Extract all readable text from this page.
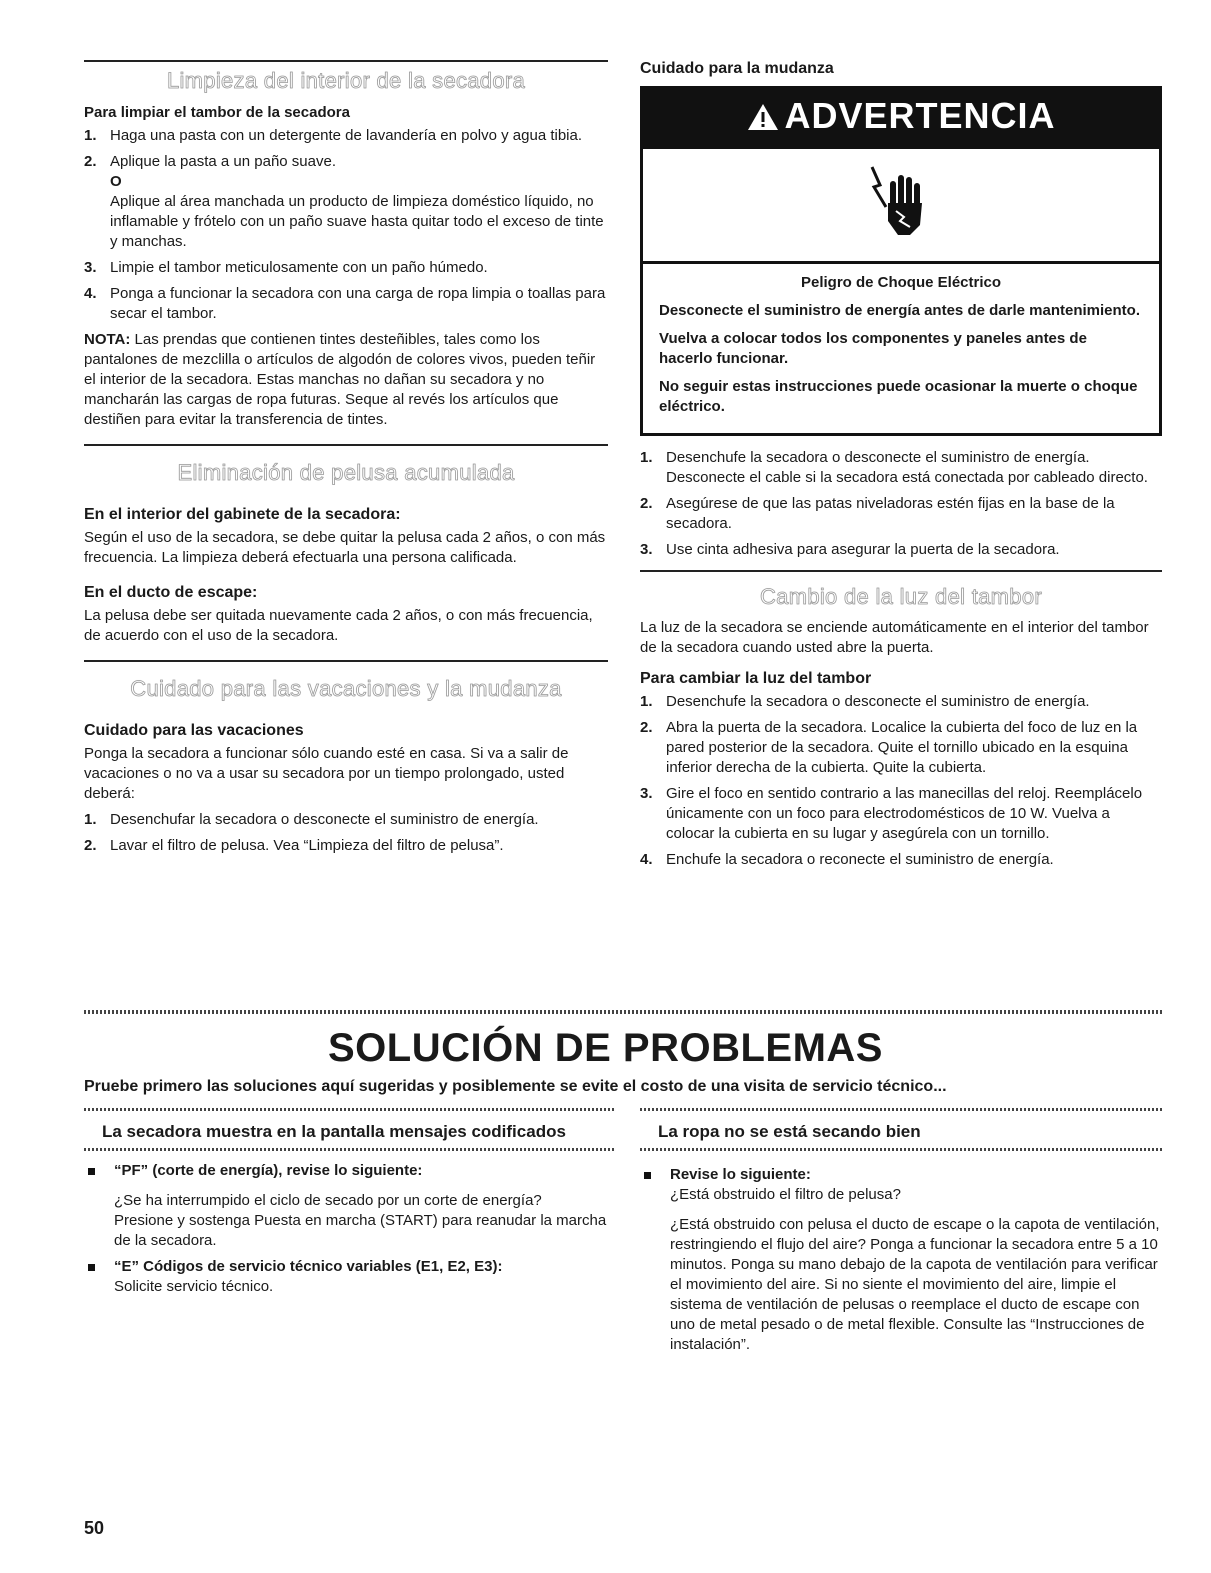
Limpieza del interior de la secadora
Para limpiar el tambor de la secadora
1. Haga una pasta con un detergente de lavandería en polvo y agua tibia.
2. Aplique la pasta a un paño suave.
O
Aplique al área manchada un producto de limpieza doméstico líquido, no inflamable y frótelo con un paño suave hasta quitar todo el exceso de tinte y manchas.
3. Limpie el tambor meticulosamente con un paño húmedo.
4. Ponga a funcionar la secadora con una carga de ropa limpia o toallas para secar el tambor.

NOTA: Las prendas que contienen tintes desteñibles, tales como los pantalones de mezclilla o artículos de algodón de colores vivos, pueden teñir el interior de la secadora. Estas manchas no dañan su secadora y no mancharán las cargas de ropa futuras. Seque al revés los artículos que destiñen para evitar la transferencia de tintes.

Eliminación de pelusa acumulada
En el interior del gabinete de la secadora:

Según el uso de la secadora, se debe quitar la pelusa cada 2 años, o con más frecuencia. La limpieza deberá efectuarla una persona calificada.

En el ducto de escape:

La pelusa debe ser quitada nuevamente cada 2 años, o con más frecuencia, de acuerdo con el uso de la secadora.

Cuidado para las vacaciones y la mudanza
Cuidado para las vacaciones

Ponga la secadora a funcionar sólo cuando esté en casa. Si va a salir de vacaciones o no va a usar su secadora por un tiempo prolongado, usted deberá:

1. Desenchufar la secadora o desconecte el suministro de energía.
2. Lavar el filtro de pelusa. Vea “Limpieza del filtro de pelusa”.
Cuidado para la mudanza
ADVERTENCIA
Peligro de Choque Eléctrico
Desconecte el suministro de energía antes de darle mantenimiento.
Vuelva a colocar todos los componentes y paneles antes de hacerlo funcionar.
No seguir estas instrucciones puede ocasionar la muerte o choque eléctrico.
1. Desenchufe la secadora o desconecte el suministro de energía. Desconecte el cable si la secadora está conectada por cableado directo.
2. Asegúrese de que las patas niveladoras estén fijas en la base de la secadora.
3. Use cinta adhesiva para asegurar la puerta de la secadora.
Cambio de la luz del tambor

La luz de la secadora se enciende automáticamente en el interior del tambor de la secadora cuando usted abre la puerta.

Para cambiar la luz del tambor
1. Desenchufe la secadora o desconecte el suministro de energía.
2. Abra la puerta de la secadora. Localice la cubierta del foco de luz en la pared posterior de la secadora. Quite el tornillo ubicado en la esquina inferior derecha de la cubierta. Quite la cubierta.
3. Gire el foco en sentido contrario a las manecillas del reloj. Reemplácelo únicamente con un foco para electrodomésticos de 10 W. Vuelva a colocar la cubierta en su lugar y asegúrela con un tornillo.
4. Enchufe la secadora o reconecte el suministro de energía.
SOLUCIÓN DE PROBLEMAS
Pruebe primero las soluciones aquí sugeridas y posiblemente se evite el costo de una visita de servicio técnico...
La secadora muestra en la pantalla mensajes codificados
“PF” (corte de energía), revise lo siguiente:
¿Se ha interrumpido el ciclo de secado por un corte de energía?
Presione y sostenga Puesta en marcha (START) para reanudar la marcha de la secadora.
“E” Códigos de servicio técnico variables (E1, E2, E3):
Solicite servicio técnico.
La ropa no se está secando bien
Revise lo siguiente:
¿Está obstruido el filtro de pelusa?
¿Está obstruido con pelusa el ducto de escape o la capota de ventilación, restringiendo el flujo del aire? Ponga a funcionar la secadora entre 5 a 10 minutos. Ponga su mano debajo de la capota de ventilación para verificar el movimiento del aire. Si no siente el movimiento del aire, limpie el sistema de ventilación de pelusas o reemplace el ducto de escape con uno de metal pesado o de metal flexible. Consulte las “Instrucciones de instalación”.
50
